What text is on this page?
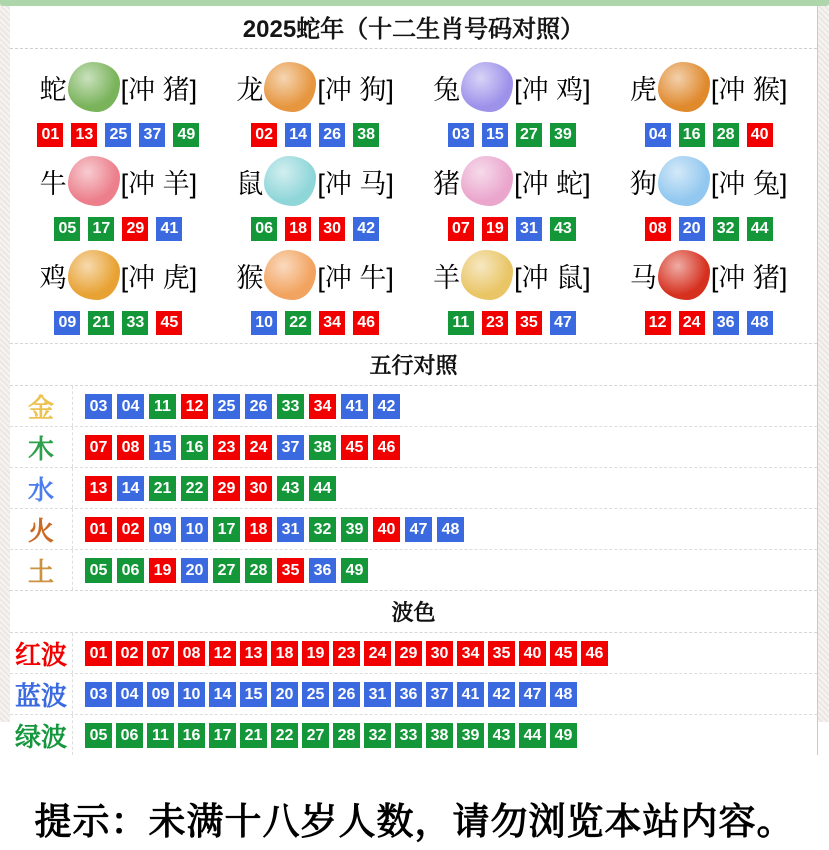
2025蛇年（十二生肖号码对照）
蛇 [冲 猪]
01 13 25 37 49
龙 [冲 狗]
02 14 26 38
兔 [冲 鸡]
03 15 27 39
虎 [冲 猴]
04 16 28 40
牛 [冲 羊]
05 17 29 41
鼠 [冲 马]
06 18 30 42
猪 [冲 蛇]
07 19 31 43
狗 [冲 兔]
08 20 32 44
鸡 [冲 虎]
09 21 33 45
猴 [冲 牛]
10 22 34 46
羊 [冲 鼠]
11 23 35 47
马 [冲 猪]
12 24 36 48
五行对照
金	03 04 11 12 25 26 33 34 41 42
木	07 08 15 16 23 24 37 38 45 46
水	13 14 21 22 29 30 43 44
火	01 02 09 10 17 18 31 32 39 40 47 48
土	05 06 19 20 27 28 35 36 49
波色
红波	01 02 07 08 12 13 18 19 23 24 29 30 34 35 40 45 46
蓝波	03 04 09 10 14 15 20 25 26 31 36 37 41 42 47 48
绿波	05 06 11 16 17 21 22 27 28 32 33 38 39 43 44 49
提示：未满十八岁人数，请勿浏览本站内容。
